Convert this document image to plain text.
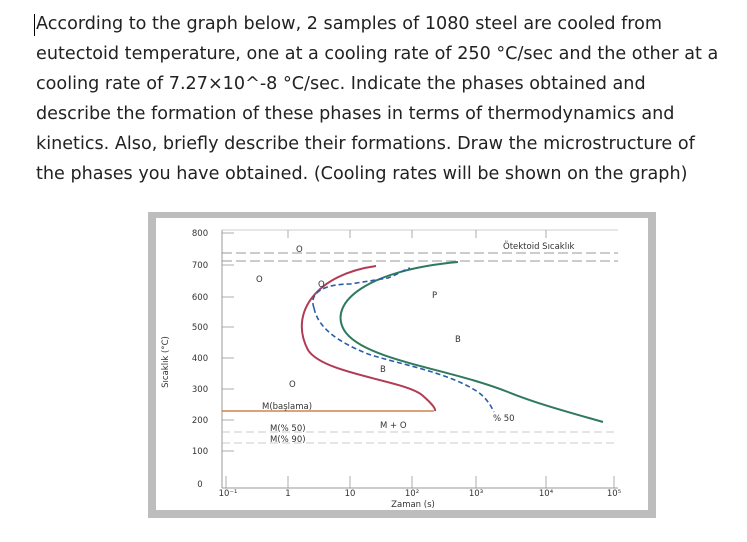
According to the graph below, 2 samples of 1080 steel are cooled from eutectoid temperature, one at a cooling rate of 250 °C/sec and the other at a cooling rate of 7.27×10^-8 °C/sec. Indicate the phases obtained and describe the formation of these phases in terms of thermodynamics and kinetics. Also, briefly describe their formations. Draw the microstructure of the phases you have obtained. (Cooling rates will be shown on the graph)
Sıcaklık (°C)
800
700
600
500
400
300
200
100
0
10⁻¹	1	10	10²	10³	10⁴	10⁵
Zaman (s)
Ötektoid Sıcaklık
O
O
O
P
B
B
O
% 50
M + O
M(başlama)
M(% 50)
M(% 90)
